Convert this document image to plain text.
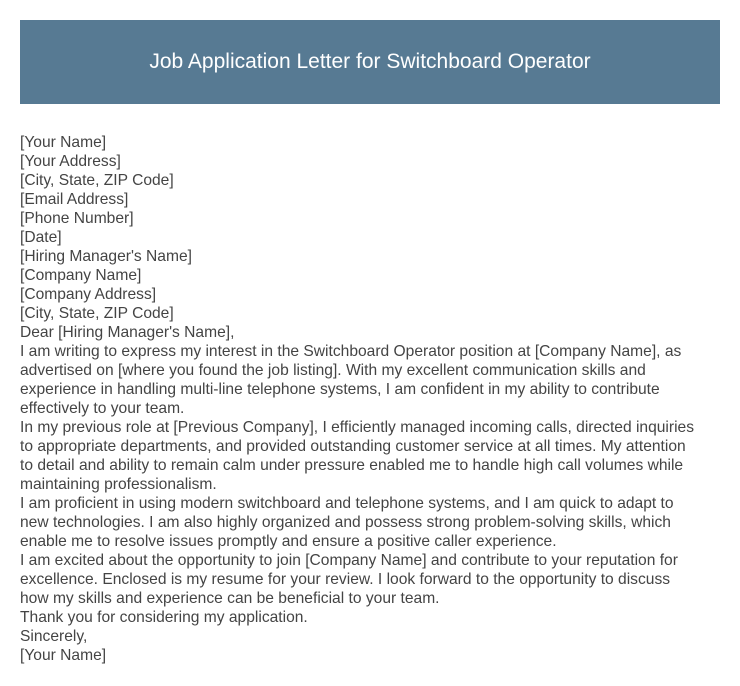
Job Application Letter for Switchboard Operator
[Your Name]
[Your Address]
[City, State, ZIP Code]
[Email Address]
[Phone Number]
[Date]
[Hiring Manager's Name]
[Company Name]
[Company Address]
[City, State, ZIP Code]
Dear [Hiring Manager's Name],

I am writing to express my interest in the Switchboard Operator position at [Company Name], as
advertised on [where you found the job listing]. With my excellent communication skills and
experience in handling multi-line telephone systems, I am confident in my ability to contribute
effectively to your team.

In my previous role at [Previous Company], I efficiently managed incoming calls, directed inquiries
to appropriate departments, and provided outstanding customer service at all times. My attention
to detail and ability to remain calm under pressure enabled me to handle high call volumes while
maintaining professionalism.

I am proficient in using modern switchboard and telephone systems, and I am quick to adapt to
new technologies. I am also highly organized and possess strong problem-solving skills, which
enable me to resolve issues promptly and ensure a positive caller experience.

I am excited about the opportunity to join [Company Name] and contribute to your reputation for
excellence. Enclosed is my resume for your review. I look forward to the opportunity to discuss
how my skills and experience can be beneficial to your team.

Thank you for considering my application.

Sincerely,
[Your Name]
